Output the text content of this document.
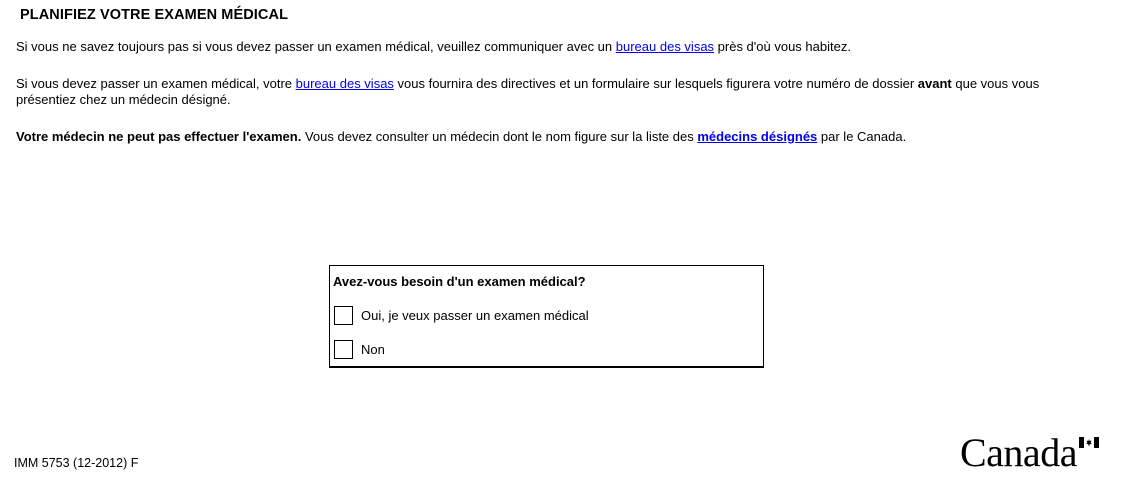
PLANIFIEZ VOTRE EXAMEN MÉDICAL
Si vous ne savez toujours pas si vous devez passer un examen médical, veuillez communiquer avec un bureau des visas près d'où vous habitez.
Si vous devez passer un examen médical, votre bureau des visas vous fournira des directives et un formulaire sur lesquels figurera votre numéro de dossier avant que vous vous présentiez chez un médecin désigné.
Votre médecin ne peut pas effectuer l'examen. Vous devez consulter un médecin dont le nom figure sur la liste des médecins désignés par le Canada.
Avez-vous besoin d'un examen médical?
Oui, je veux passer un examen médical
Non
IMM 5753 (12-2012) F	Canada
